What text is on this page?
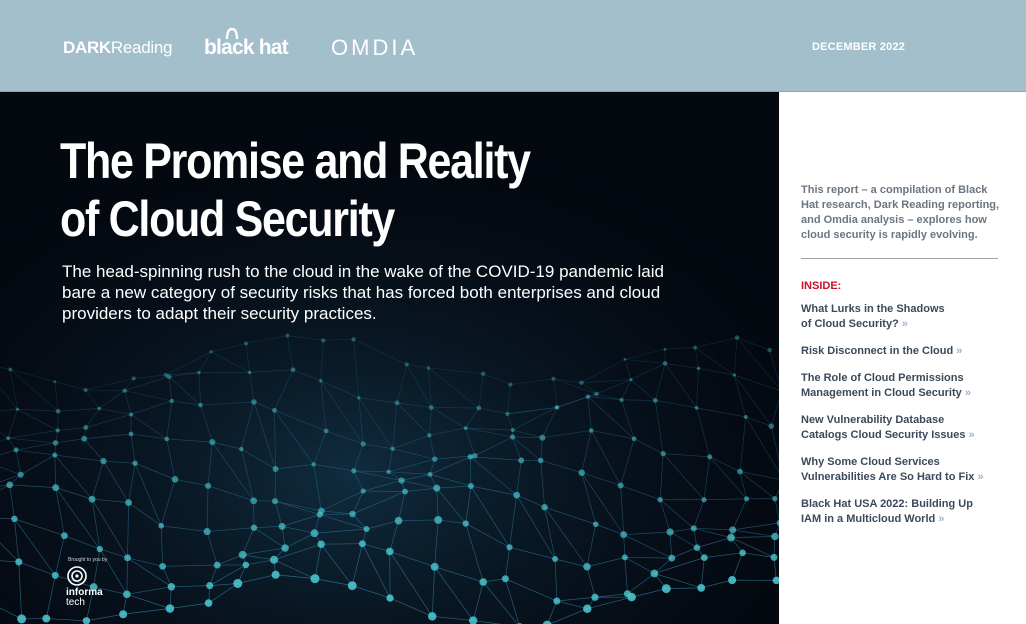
DARKReading black hat OMDIA	DECEMBER 2022
The Promise and Reality
of Cloud Security

The head-spinning rush to the cloud in the wake of the COVID-19 pandemic laid bare a new category of security risks that has forced both enterprises and cloud providers to adapt their security practices.

Brought to you by
informa
tech

This report – a compilation of Black Hat research, Dark Reading reporting, and Omdia analysis – explores how cloud security is rapidly evolving.

INSIDE:
What Lurks in the Shadows
of Cloud Security? »
Risk Disconnect in the Cloud »
The Role of Cloud Permissions
Management in Cloud Security »
New Vulnerability Database
Catalogs Cloud Security Issues »
Why Some Cloud Services
Vulnerabilities Are So Hard to Fix »
Black Hat USA 2022: Building Up
IAM in a Multicloud World »
